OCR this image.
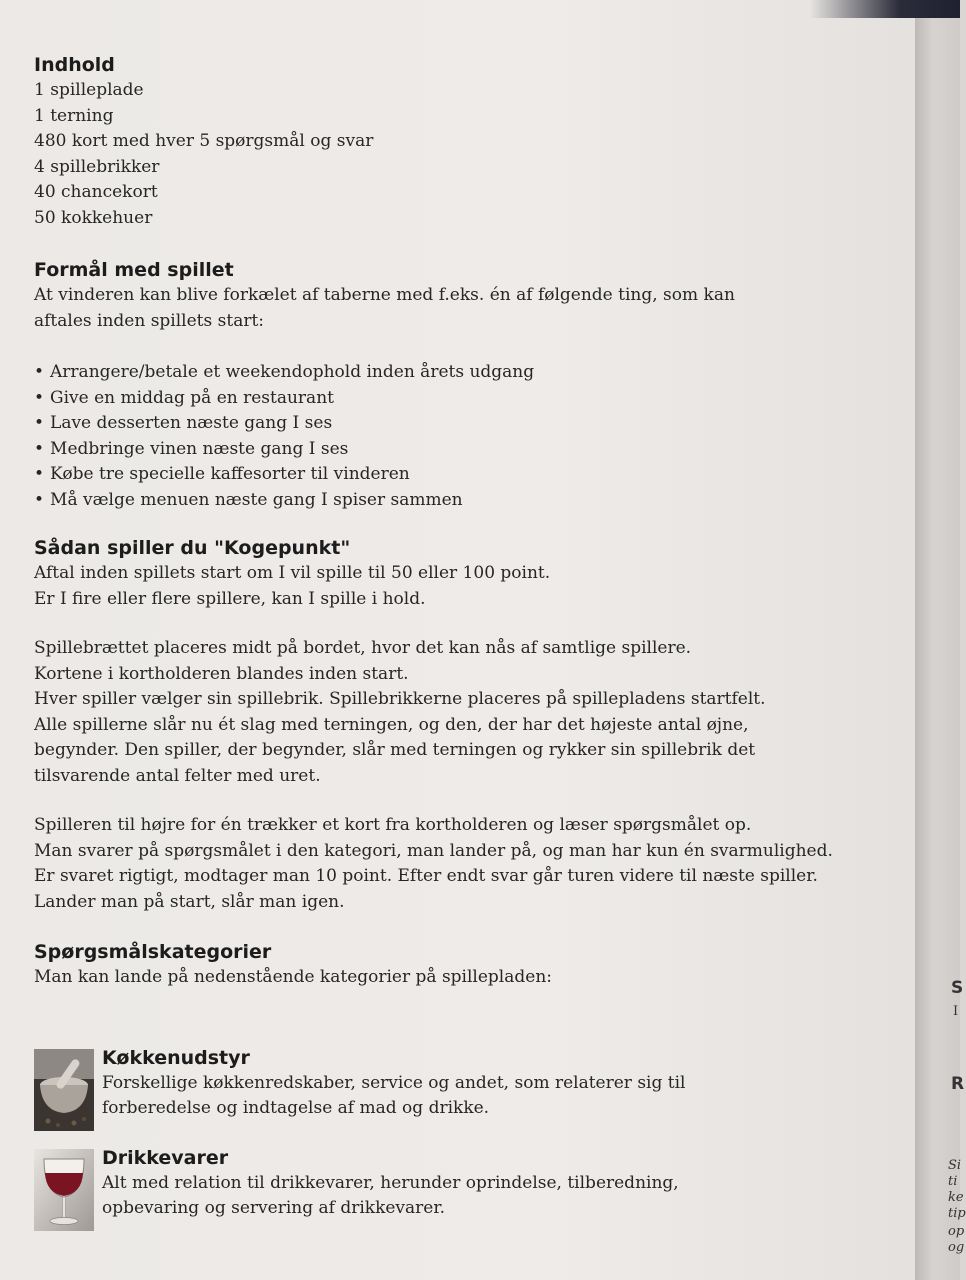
Indhold

1 spilleplade

1 terning

480 kort med hver 5 spørgsmål og svar

4 spillebrikker

40 chancekort

50 kokkehuer

Formål med spillet

At vinderen kan blive forkælet af taberne med f.eks. én af følgende ting, som kan

aftales inden spillets start:

• Arrangere/betale et weekendophold inden årets udgang
• Give en middag på en restaurant
• Lave desserten næste gang I ses
• Medbringe vinen næste gang I ses
• Købe tre specielle kaffesorter til vinderen
• Må vælge menuen næste gang I spiser sammen
Sådan spiller du "Kogepunkt"

Aftal inden spillets start om I vil spille til 50 eller 100 point.

Er I fire eller flere spillere, kan I spille i hold.

Spillebrættet placeres midt på bordet, hvor det kan nås af samtlige spillere.

Kortene i kortholderen blandes inden start.

Hver spiller vælger sin spillebrik. Spillebrikkerne placeres på spillepladens startfelt.

Alle spillerne slår nu ét slag med terningen, og den, der har det højeste antal øjne,

begynder. Den spiller, der begynder, slår med terningen og rykker sin spillebrik det

tilsvarende antal felter med uret.

Spilleren til højre for én trækker et kort fra kortholderen og læser spørgsmålet op.

Man svarer på spørgsmålet i den kategori, man lander på, og man har kun én svarmulighed.

Er svaret rigtigt, modtager man 10 point. Efter endt svar går turen videre til næste spiller.

Lander man på start, slår man igen.

Spørgsmålskategorier

Man kan lande på nedenstående kategorier på spillepladen:

Køkkenudstyr

Forskellige køkkenredskaber, service og andet, som relaterer sig til

forberedelse og indtagelse af mad og drikke.

Drikkevarer

Alt med relation til drikkevarer, herunder oprindelse, tilberedning,

opbevaring og servering af drikkevarer.

S
I
R
Si
ti
ke
tip
op
og
